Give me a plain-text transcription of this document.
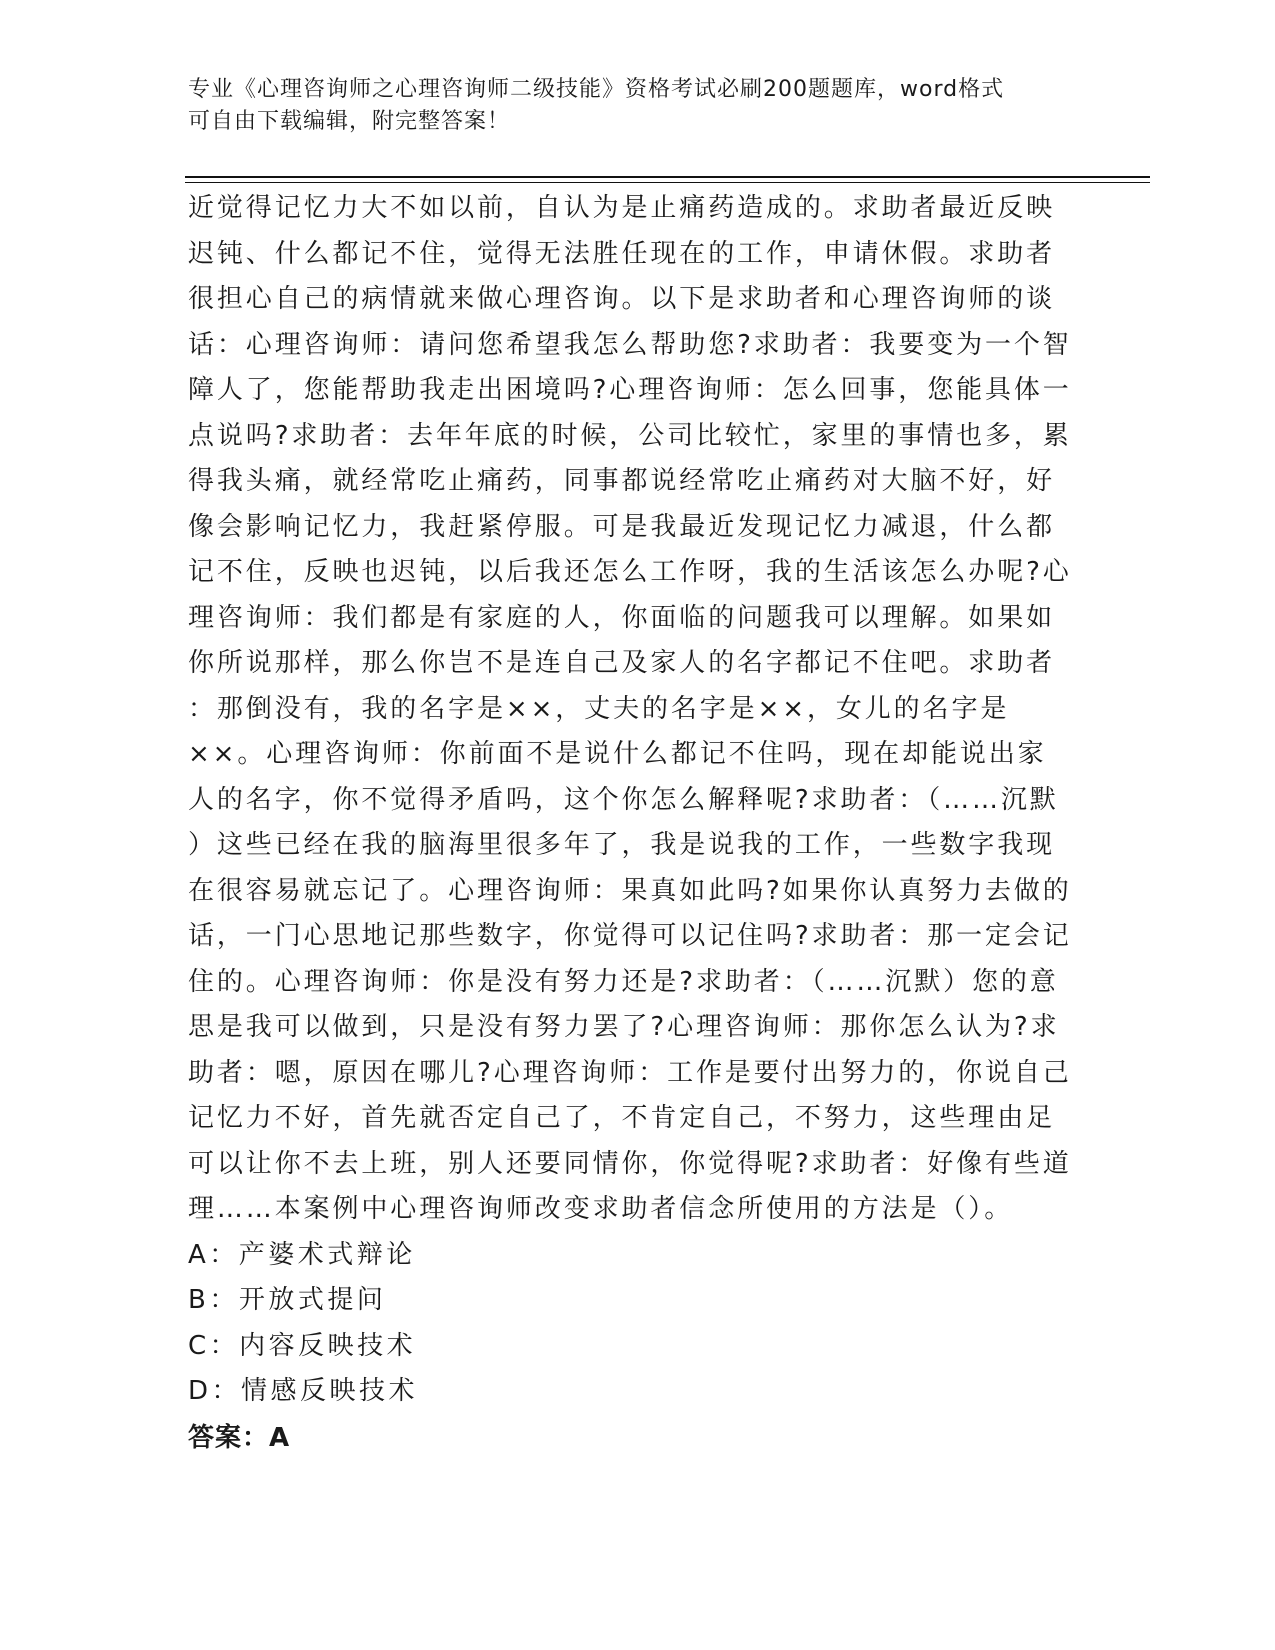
专业《心理咨询师之心理咨询师二级技能》资格考试必刷200题题库，word格式
可自由下载编辑，附完整答案！
近觉得记忆力大不如以前，自认为是止痛药造成的。求助者最近反映
迟钝、什么都记不住，觉得无法胜任现在的工作，申请休假。求助者
很担心自己的病情就来做心理咨询。以下是求助者和心理咨询师的谈
话：心理咨询师：请问您希望我怎么帮助您?求助者：我要变为一个智
障人了，您能帮助我走出困境吗?心理咨询师：怎么回事，您能具体一
点说吗?求助者：去年年底的时候，公司比较忙，家里的事情也多，累
得我头痛，就经常吃止痛药，同事都说经常吃止痛药对大脑不好，好
像会影响记忆力，我赶紧停服。可是我最近发现记忆力减退，什么都
记不住，反映也迟钝，以后我还怎么工作呀，我的生活该怎么办呢?心
理咨询师：我们都是有家庭的人，你面临的问题我可以理解。如果如
你所说那样，那么你岂不是连自己及家人的名字都记不住吧。求助者
：那倒没有，我的名字是××，丈夫的名字是××，女儿的名字是
××。心理咨询师：你前面不是说什么都记不住吗，现在却能说出家
人的名字，你不觉得矛盾吗，这个你怎么解释呢?求助者：（……沉默
）这些已经在我的脑海里很多年了，我是说我的工作，一些数字我现
在很容易就忘记了。心理咨询师：果真如此吗?如果你认真努力去做的
话，一门心思地记那些数字，你觉得可以记住吗?求助者：那一定会记
住的。心理咨询师：你是没有努力还是?求助者：（……沉默）您的意
思是我可以做到，只是没有努力罢了?心理咨询师：那你怎么认为?求
助者：嗯，原因在哪儿?心理咨询师：工作是要付出努力的，你说自己
记忆力不好，首先就否定自己了，不肯定自己，不努力，这些理由足
可以让你不去上班，别人还要同情你，你觉得呢?求助者：好像有些道
理……本案例中心理咨询师改变求助者信念所使用的方法是（）。
A：产婆术式辩论
B：开放式提问
C：内容反映技术
D：情感反映技术
答案：A
